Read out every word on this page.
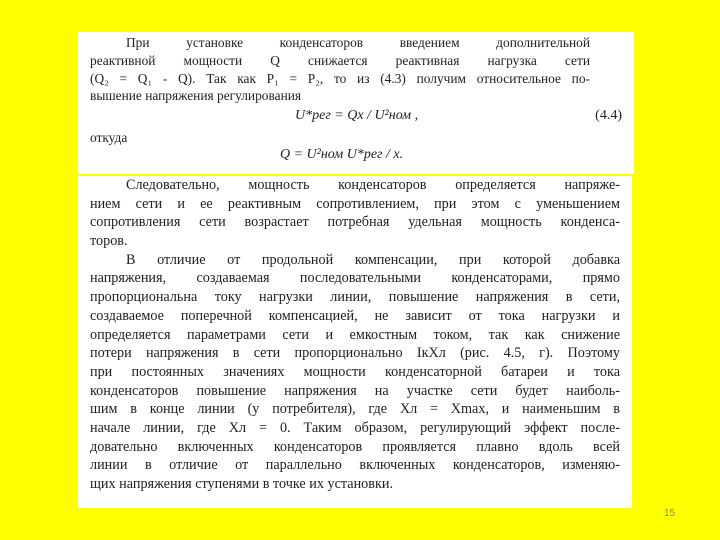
При установке конденсаторов введением дополнительной
реактивной мощности Q снижается реактивная нагрузка сети
(Q₂ = Q₁ - Q). Так как P₁ = P₂, то из (4.3) получим относительное по-
вышение напряжения регулирования
U*рег = Qx / U²ном ,	(4.4)
откуда
Q = U²ном U*рег / x.
Следовательно, мощность конденсаторов определяется напряже-
нием сети и ее реактивным сопротивлением, при этом с уменьшением
сопротивления сети возрастает потребная удельная мощность конденса-
торов.
В отличие от продольной компенсации, при которой добавка
напряжения, создаваемая последовательными конденсаторами, прямо
пропорциональна току нагрузки линии, повышение напряжения в сети,
создаваемое поперечной компенсацией, не зависит от тока нагрузки и
определяется параметрами сети и емкостным током, так как снижение
потери напряжения в сети пропорционально IкXл (рис. 4.5, г). Поэтому
при постоянных значениях мощности конденсаторной батареи и тока
конденсаторов повышение напряжения на участке сети будет наиболь-
шим в конце линии (у потребителя), где Xл = Xmax, и наименьшим в
начале линии, где Xл = 0. Таким образом, регулирующий эффект после-
довательно включенных конденсаторов проявляется плавно вдоль всей
линии в отличие от параллельно включенных конденсаторов, изменяю-
щих напряжения ступенями в точке их установки.
15
